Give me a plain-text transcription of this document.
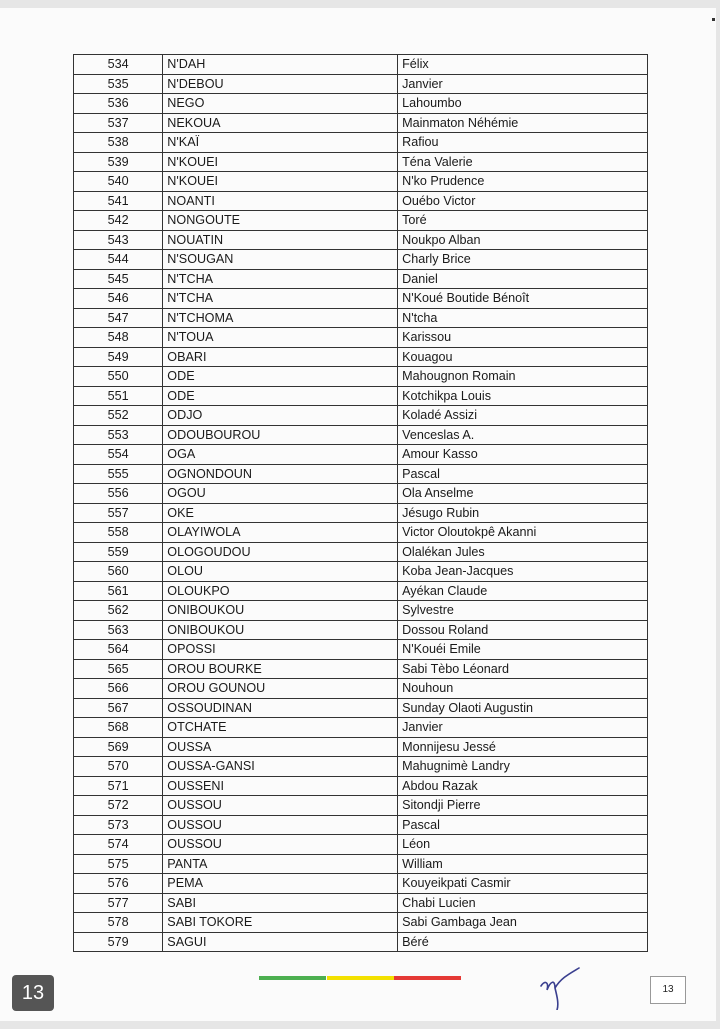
534	N'DAH	Félix
535	N'DEBOU	Janvier
536	NEGO	Lahoumbo
537	NEKOUA	Mainmaton Néhémie
538	N'KAÏ	Rafiou
539	N'KOUEI	Téna Valerie
540	N'KOUEI	N'ko Prudence
541	NOANTI	Ouébo Victor
542	NONGOUTE	Toré
543	NOUATIN	Noukpo Alban
544	N'SOUGAN	Charly Brice
545	N'TCHA	Daniel
546	N'TCHA	N'Koué Boutide Bénoît
547	N'TCHOMA	N'tcha
548	N'TOUA	Karissou
549	OBARI	Kouagou
550	ODE	Mahougnon Romain
551	ODE	Kotchikpa Louis
552	ODJO	Koladé Assizi
553	ODOUBOUROU	Venceslas A.
554	OGA	Amour Kasso
555	OGNONDOUN	Pascal
556	OGOU	Ola Anselme
557	OKE	Jésugo Rubin
558	OLAYIWOLA	Victor Oloutokpê Akanni
559	OLOGOUDOU	Olalékan Jules
560	OLOU	Koba Jean-Jacques
561	OLOUKPO	Ayékan Claude
562	ONIBOUKOU	Sylvestre
563	ONIBOUKOU	Dossou Roland
564	OPOSSI	N'Kouéi Emile
565	OROU BOURKE	Sabi Tèbo Léonard
566	OROU GOUNOU	Nouhoun
567	OSSOUDINAN	Sunday Olaoti Augustin
568	OTCHATE	Janvier
569	OUSSA	Monnijesu Jessé
570	OUSSA-GANSI	Mahugnimè Landry
571	OUSSENI	Abdou Razak
572	OUSSOU	Sitondji Pierre
573	OUSSOU	Pascal
574	OUSSOU	Léon
575	PANTA	William
576	PEMA	Kouyeikpati Casmir
577	SABI	Chabi Lucien
578	SABI TOKORE	Sabi Gambaga Jean
579	SAGUI	Béré
13
13
